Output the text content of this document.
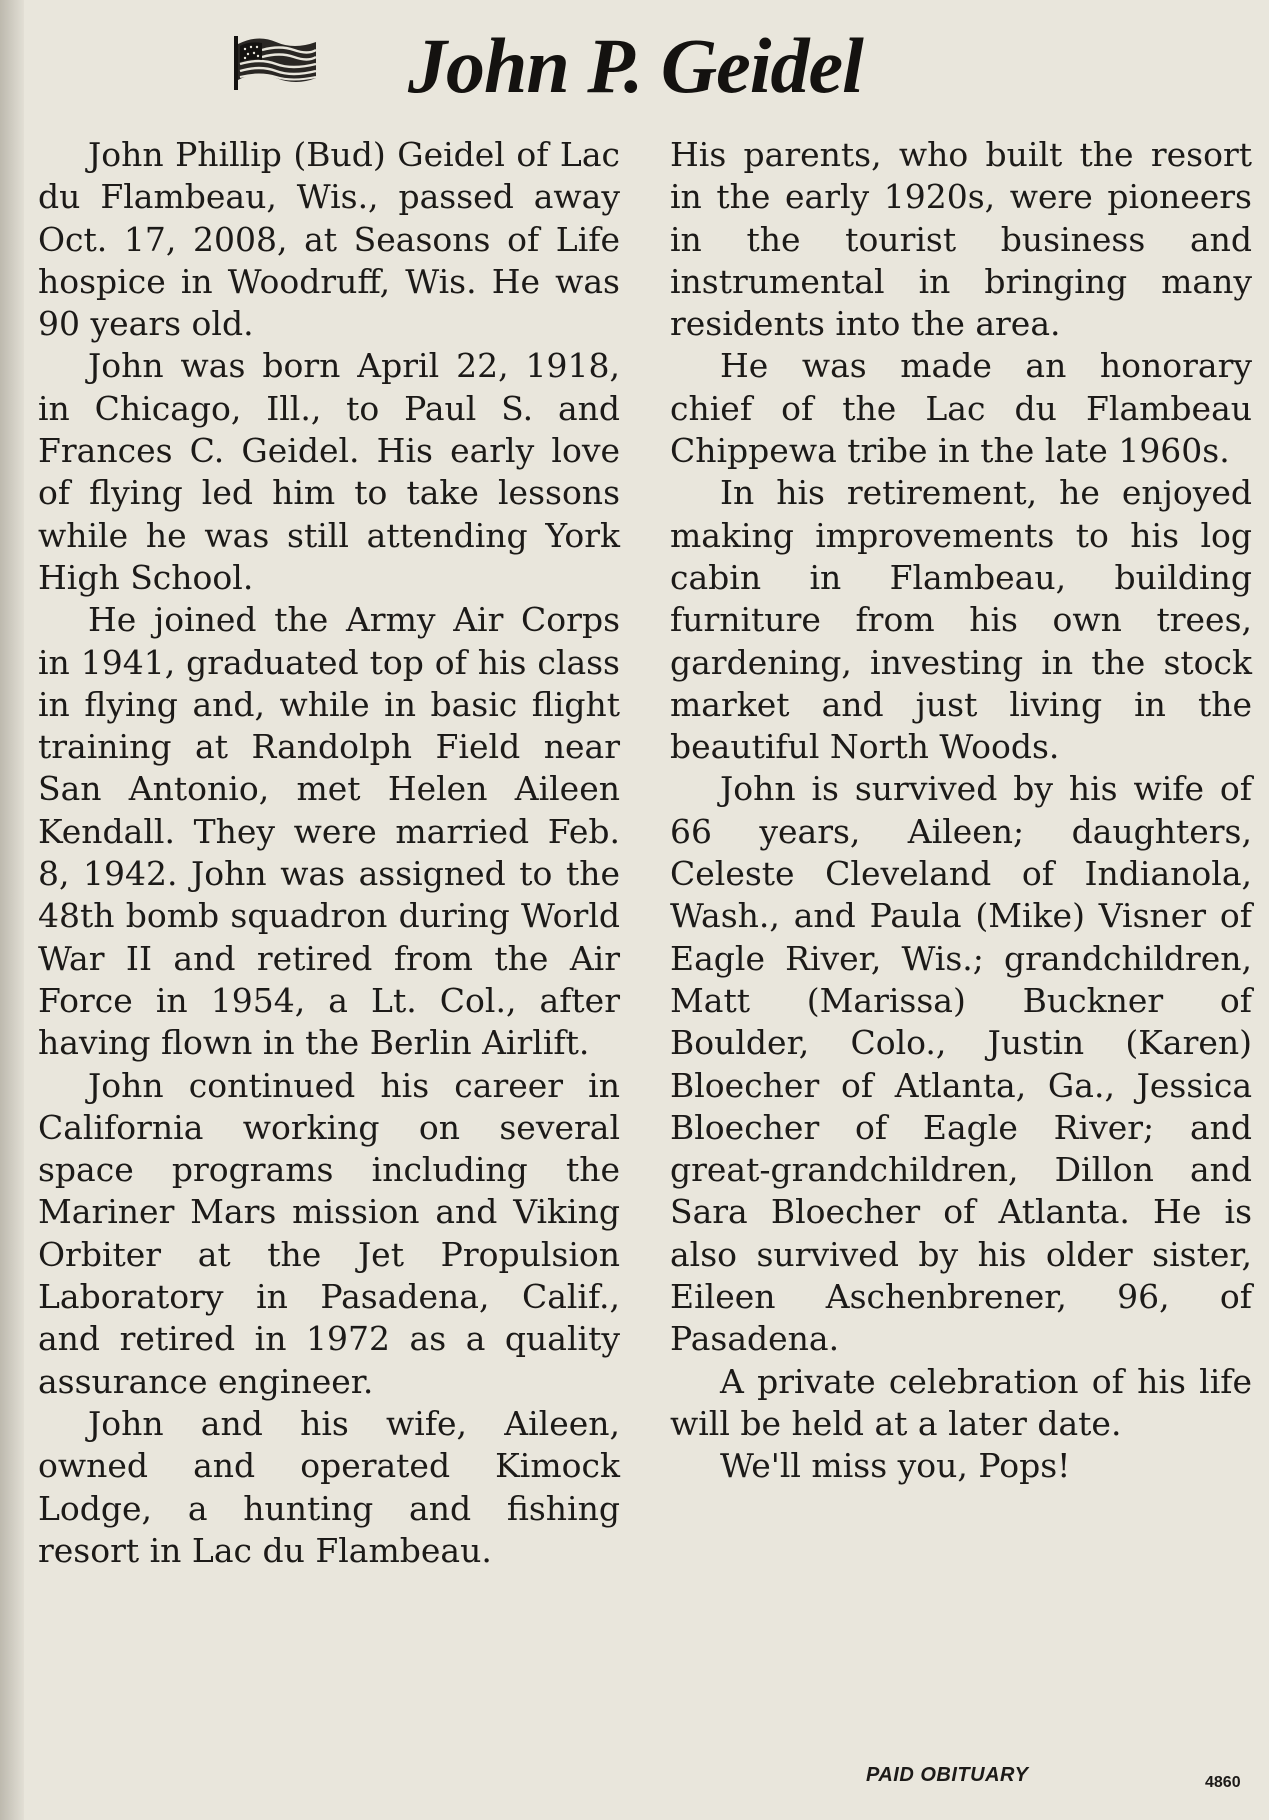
John P. Geidel

John Phillip (Bud) Geidel of Lac du Flambeau, Wis., passed away Oct. 17, 2008, at Seasons of Life hospice in Woodruff, Wis. He was 90 years old.

John was born April 22, 1918, in Chicago, Ill., to Paul S. and Frances C. Geidel. His early love of flying led him to take lessons while he was still attending York High School.

He joined the Army Air Corps in 1941, graduated top of his class in flying and, while in basic flight training at Randolph Field near San Antonio, met Helen Aileen Kendall. They were married Feb. 8, 1942. John was assigned to the 48th bomb squadron during World War II and retired from the Air Force in 1954, a Lt. Col., after having flown in the Berlin Airlift.

John continued his career in California working on several space programs including the Mariner Mars mission and Viking Orbiter at the Jet Propulsion Laboratory in Pasadena, Calif., and retired in 1972 as a quality assurance engineer.

John and his wife, Aileen, owned and operated Kimock Lodge, a hunting and fishing resort in Lac du Flambeau.

His parents, who built the resort in the early 1920s, were pioneers in the tourist business and instrumental in bringing many residents into the area.

He was made an honorary chief of the Lac du Flambeau Chippewa tribe in the late 1960s.

In his retirement, he enjoyed making improvements to his log cabin in Flambeau, building furniture from his own trees, gardening, investing in the stock market and just living in the beautiful North Woods.

John is survived by his wife of 66 years, Aileen; daughters, Celeste Cleveland of Indianola, Wash., and Paula (Mike) Visner of Eagle River, Wis.; grandchildren, Matt (Marissa) Buckner of Boulder, Colo., Justin (Karen) Bloecher of Atlanta, Ga., Jessica Bloecher of Eagle River; and great-grandchildren, Dillon and Sara Bloecher of Atlanta. He is also survived by his older sister, Eileen Aschenbrener, 96, of Pasadena.

A private celebration of his life will be held at a later date.

We'll miss you, Pops!

PAID OBITUARY	4860
